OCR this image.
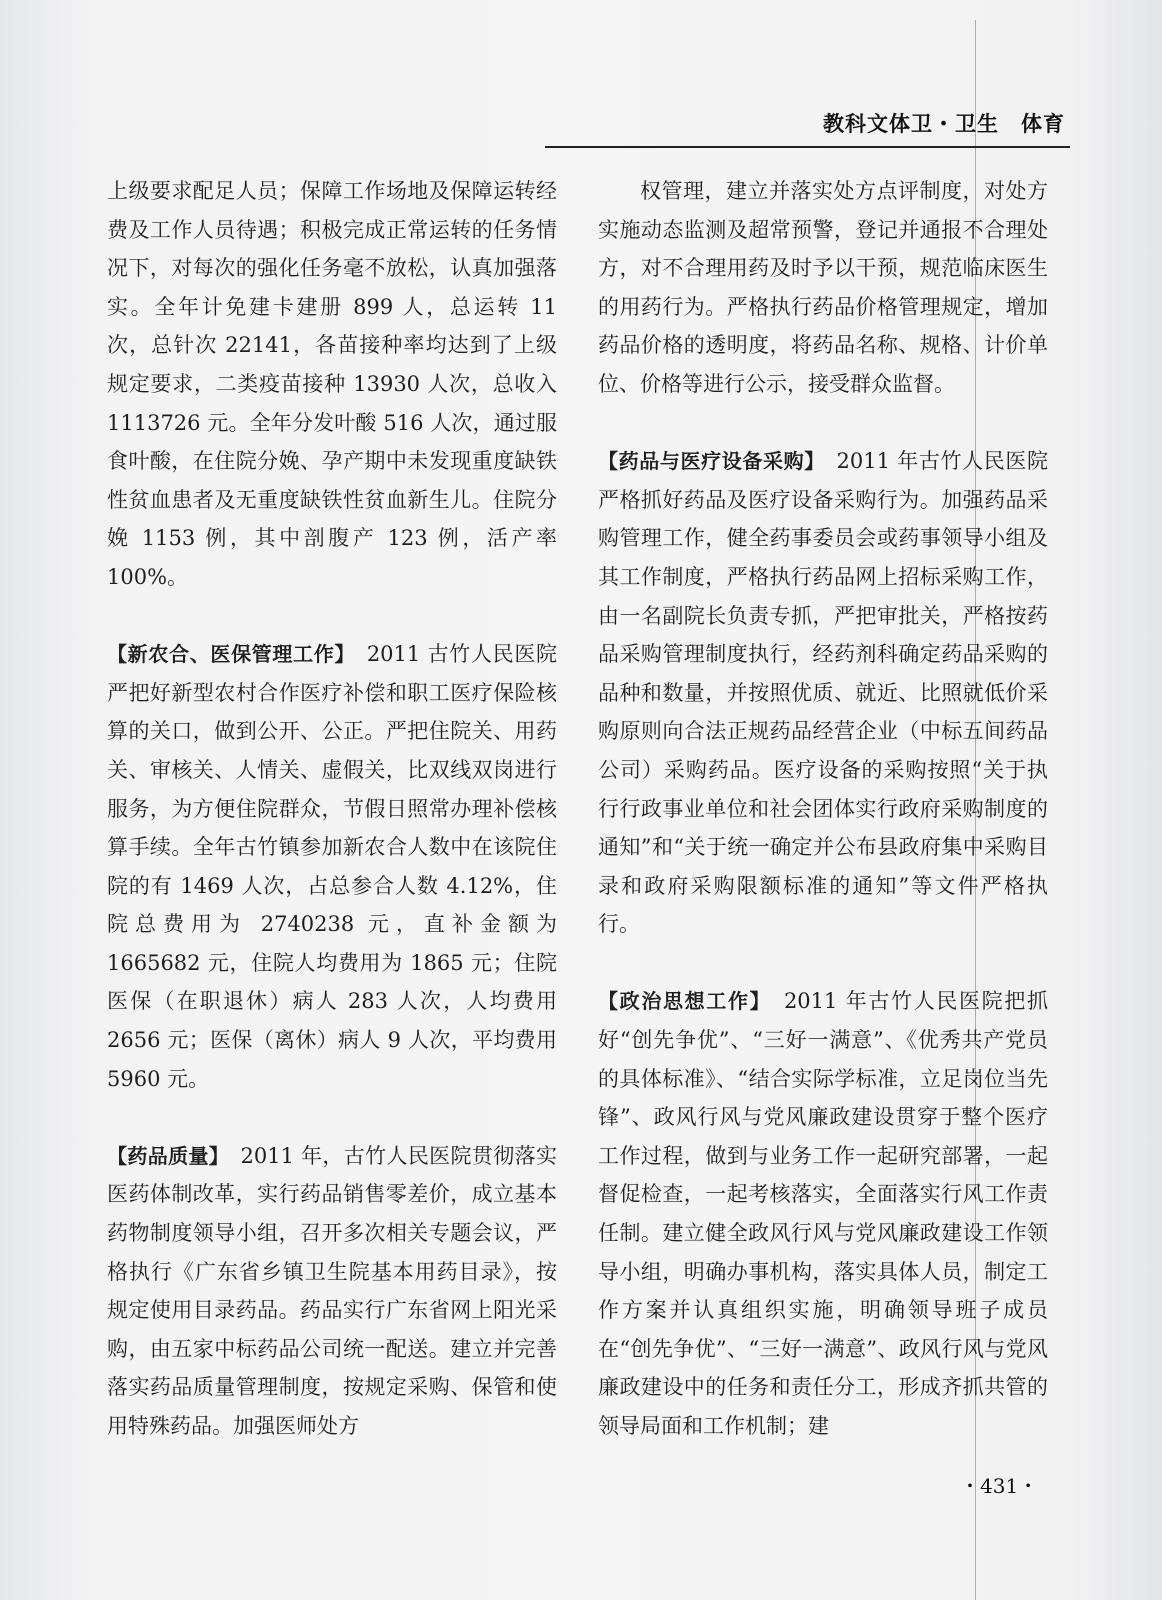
教科文体卫・卫生　体育

上级要求配足人员；保障工作场地及保障运转经费及工作人员待遇；积极完成正常运转的任务情况下，对每次的强化任务毫不放松，认真加强落实。全年计免建卡建册 899 人，总运转 11 次，总针次 22141，各苗接种率均达到了上级规定要求，二类疫苗接种 13930 人次，总收入 1113726 元。全年分发叶酸 516 人次，通过服食叶酸，在住院分娩、孕产期中未发现重度缺铁性贫血患者及无重度缺铁性贫血新生儿。住院分娩 1153 例，其中剖腹产 123 例，活产率 100%。

【新农合、医保管理工作】　2011 古竹人民医院严把好新型农村合作医疗补偿和职工医疗保险核算的关口，做到公开、公正。严把住院关、用药关、审核关、人情关、虚假关，比双线双岗进行服务，为方便住院群众，节假日照常办理补偿核算手续。全年古竹镇参加新农合人数中在该院住院的有 1469 人次，占总参合人数 4.12%，住院总费用为 2740238 元，直补金额为 1665682 元，住院人均费用为 1865 元；住院医保（在职退休）病人 283 人次，人均费用 2656 元；医保（离休）病人 9 人次，平均费用 5960 元。

【药品质量】　2011 年，古竹人民医院贯彻落实医药体制改革，实行药品销售零差价，成立基本药物制度领导小组，召开多次相关专题会议，严格执行《广东省乡镇卫生院基本用药目录》，按规定使用目录药品。药品实行广东省网上阳光采购，由五家中标药品公司统一配送。建立并完善落实药品质量管理制度，按规定采购、保管和使用特殊药品。加强医师处方

权管理，建立并落实处方点评制度，对处方实施动态监测及超常预警，登记并通报不合理处方，对不合理用药及时予以干预，规范临床医生的用药行为。严格执行药品价格管理规定，增加药品价格的透明度，将药品名称、规格、计价单位、价格等进行公示，接受群众监督。

【药品与医疗设备采购】　2011 年古竹人民医院严格抓好药品及医疗设备采购行为。加强药品采购管理工作，健全药事委员会或药事领导小组及其工作制度，严格执行药品网上招标采购工作，由一名副院长负责专抓，严把审批关，严格按药品采购管理制度执行，经药剂科确定药品采购的品种和数量，并按照优质、就近、比照就低价采购原则向合法正规药品经营企业（中标五间药品公司）采购药品。医疗设备的采购按照“关于执行行政事业单位和社会团体实行政府采购制度的通知”和“关于统一确定并公布县政府集中采购目录和政府采购限额标准的通知”等文件严格执行。

【政治思想工作】　2011 年古竹人民医院把抓好“创先争优”、“三好一满意”、《优秀共产党员的具体标准》、“结合实际学标准，立足岗位当先锋”、政风行风与党风廉政建设贯穿于整个医疗工作过程，做到与业务工作一起研究部署，一起督促检查，一起考核落实，全面落实行风工作责任制。建立健全政风行风与党风廉政建设工作领导小组，明确办事机构，落实具体人员，制定工作方案并认真组织实施，明确领导班子成员在“创先争优”、“三好一满意”、政风行风与党风廉政建设中的任务和责任分工，形成齐抓共管的领导局面和工作机制；建

・431・
